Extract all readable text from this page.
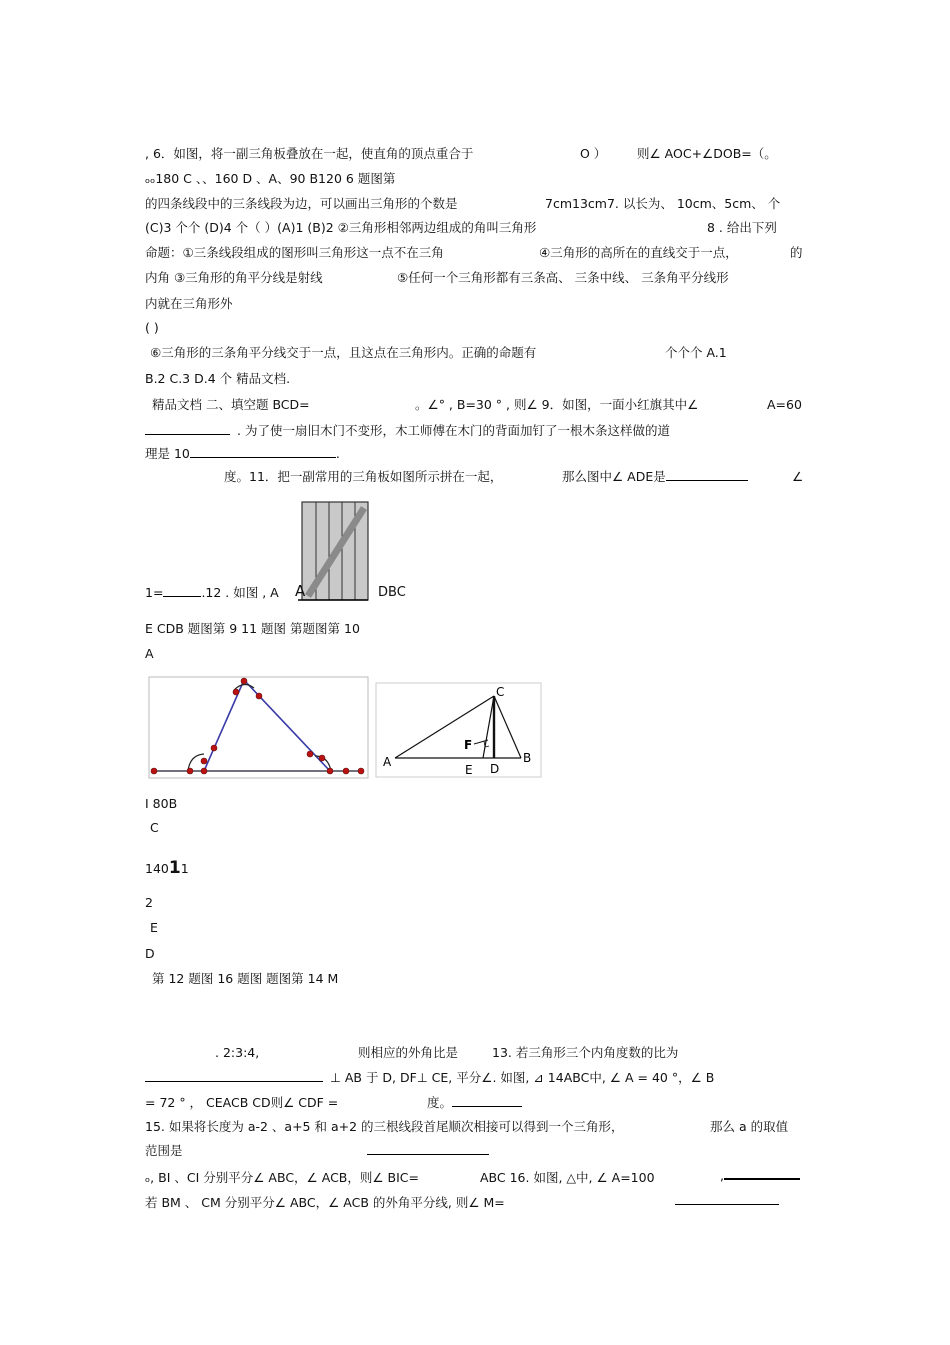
, 6．如图，将一副三角板叠放在一起，使直角的顶点重合于	O ） 则∠ AOC+∠DOB=（。
ₒₒ180 C 、、160 D 、A、90 B120 6 题图第
的四条线段中的三条线段为边，可以画出三角形的个数是	7cm13cm7. 以长为、 10cm、5cm、 个
(C)3 个个 (D)4 个（ ）(A)1 (B)2 ②三角形相邻两边组成的角叫三角形	8 . 给出下列
命题：①三条线段组成的图形叫三角形这一点不在三角	④三角形的高所在的直线交于一点，	的
内角 ③三角形的角平分线是射线	⑤任何一个三角形都有三条高、 三条中线、 三条角平分线形
内就在三角形外
( )
⑥三角形的三条角平分线交于一点，且这点在三角形内。正确的命题有	个个个 A.1
B.2 C.3 D.4 个 精品文档.
精品文档 二、填空题 BCD=	。∠° , B=30 ° , 则∠ 9．如图，一面小红旗其中∠	A=60
. 为了使一扇旧木门不变形，木工师傅在木门的背面加钉了一根木条这样做的道
理是 10	.
度。11．把一副常用的三角板如图所示拼在一起，	那么图中∠ ADE是	∠
1=	.12 . 如图 , A A	DBC
E CDB 题图第 9 11 题图 第题图第 10
A
C
F
A
E D
B
I 80B
C
14011
2
E
D
第 12 题图 16 题图 题图第 14 M
. 2:3:4,	则相应的外角比是	13. 若三角形三个内角度数的比为
⊥ AB 于 D, DF⊥ CE, 平分∠. 如图, ⊿ 14ABC中, ∠ A = 40 °，∠ B
= 72 ° ， CEACB CD则∠ CDF =	度。
15. 如果将长度为 a-2 、a+5 和 a+2 的三根线段首尾顺次相接可以得到一个三角形，	那么 a 的取值
范围是
ₒ, BI 、CI 分别平分∠ ABC，∠ ACB，则∠ BIC=	ABC 16. 如图, △中, ∠ A=100	,
若 BM 、 CM 分别平分∠ ABC，∠ ACB 的外角平分线, 则∠ M=
